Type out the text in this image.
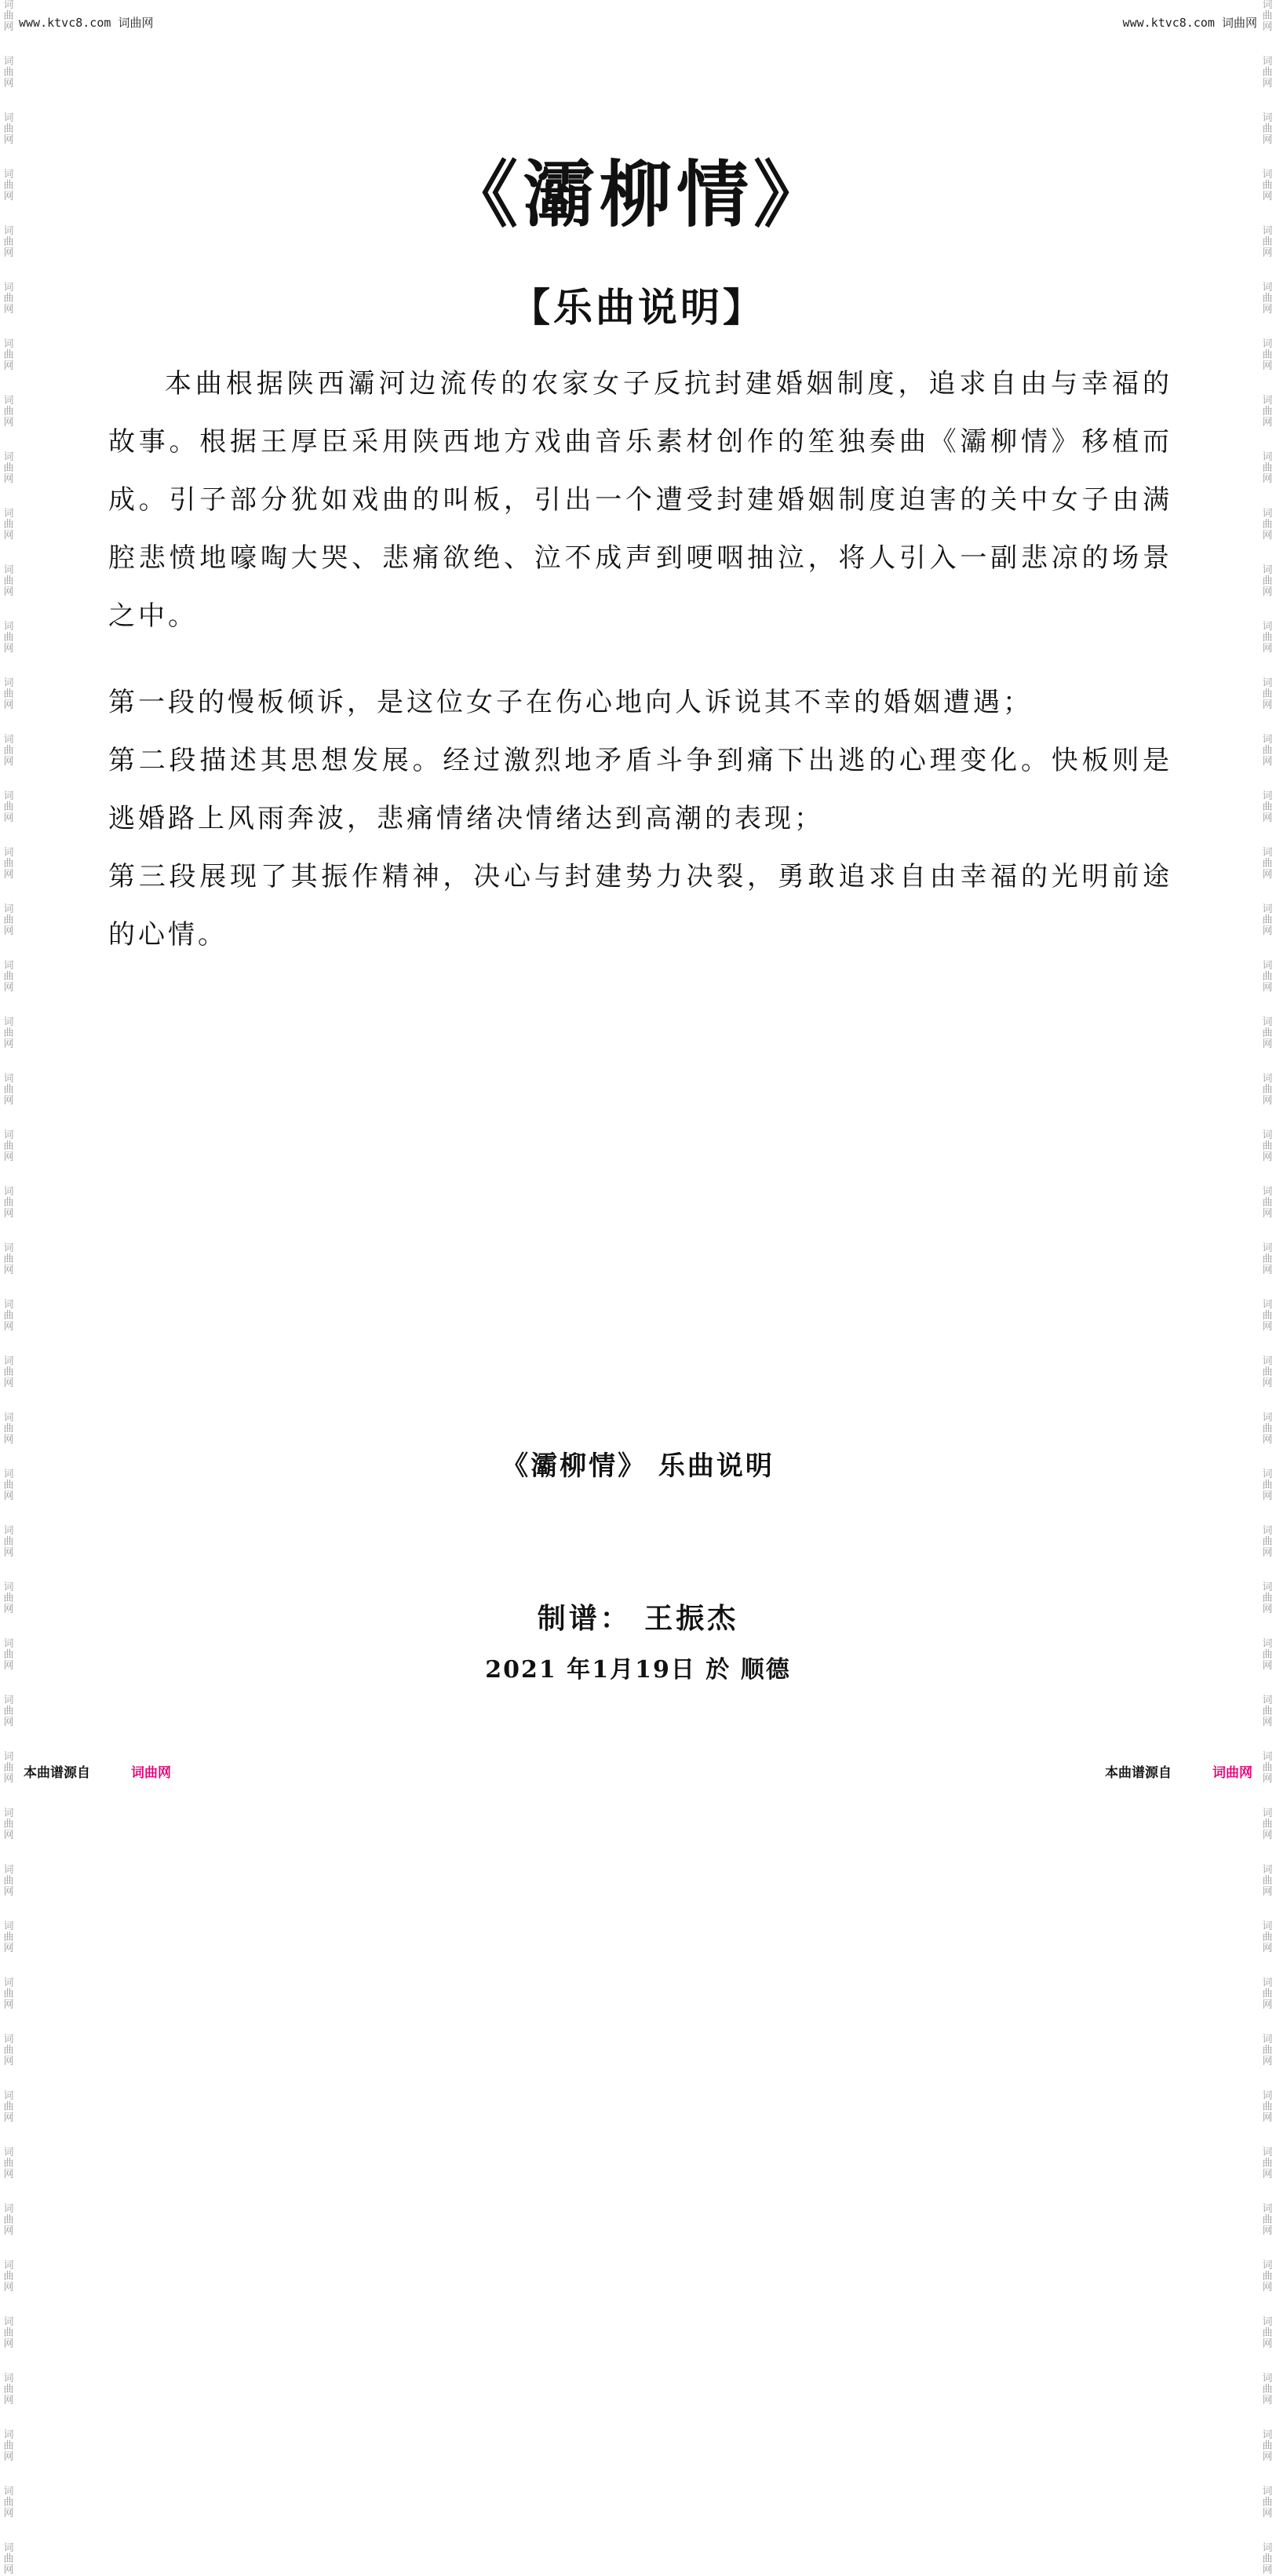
www.ktvc8.com 词曲网	www.ktvc8.com 词曲网
词
曲
网
词
曲
网
词
曲
网
词
曲
网
词
曲
网
词
曲
网
词
曲
网
词
曲
网
词
曲
网
词
曲
网
词
曲
网
词
曲
网
词
曲
网
词
曲
网
词
曲
网
词
曲
网
词
曲
网
词
曲
网
词
曲
网
词
曲
网
词
曲
网
词
曲
网
词
曲
网
词
曲
网
词
曲
网
词
曲
网
词
曲
网
词
曲
网
词
曲
网
词
曲
网
词
曲
网
词
曲
网
词
曲
网
词
曲
网
词
曲
网
词
曲
网
词
曲
网
词
曲
网
词
曲
网
词
曲
网
词
曲
网
词
曲
网
词
曲
网
词
曲
网
词
曲
网
词
曲
网
词
曲
网
词
曲
网
词
曲
网
词
曲
网
词
曲
网
词
曲
网
词
曲
网
词
曲
网
词
曲
网
词
曲
网
词
曲
网
词
曲
网
词
曲
网
词
曲
网
词
曲
网
词
曲
网
词
曲
网
词
曲
网
词
曲
网
词
曲
网
词
曲
网
词
曲
网
词
曲
网
词
曲
网
词
曲
网
词
曲
网
词
曲
网
词
曲
网
词
曲
网
词
曲
网
词
曲
网
词
曲
网
词
曲
网
词
曲
网
词
曲
网
词
曲
网
词
曲
网
词
曲
网
词
曲
网
词
曲
网
词
曲
网
词
曲
网
词
曲
网
词
曲
网
词
曲
网
词
曲
网
《灞柳情》
【乐曲说明】
本曲根据陕西灞河边流传的农家女子反抗封建婚姻制度，追求自由与幸福的故事。根据王厚臣采用陕西地方戏曲音乐素材创作的笙独奏曲《灞柳情》移植而成。引子部分犹如戏曲的叫板，引出一个遭受封建婚姻制度迫害的关中女子由满腔悲愤地嚎啕大哭、悲痛欲绝、泣不成声到哽咽抽泣，将人引入一副悲凉的场景之中。
第一段的慢板倾诉，是这位女子在伤心地向人诉说其不幸的婚姻遭遇；
第二段描述其思想发展。经过激烈地矛盾斗争到痛下出逃的心理变化。快板则是逃婚路上风雨奔波，悲痛情绪决情绪达到高潮的表现；
第三段展现了其振作精神，决心与封建势力决裂，勇敢追求自由幸福的光明前途的心情。
《灞柳情》 乐曲说明
制谱： 王振杰
2021 年1月19日 於 顺德
本曲谱源自	词曲网	本曲谱源自	词曲网
